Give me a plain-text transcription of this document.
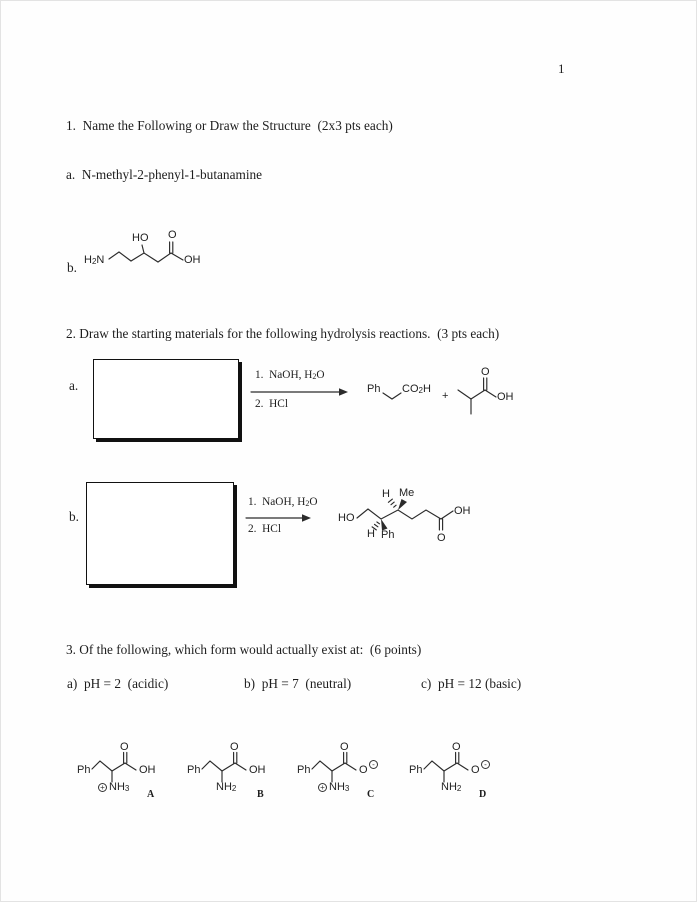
1
1.  Name the Following or Draw the Structure  (2x3 pts each)
a.  N-methyl-2-phenyl-1-butanamine
b. $H_2N$
HO O
OH
2. Draw the starting materials for the following hydrolysis reactions.  (3 pts each)
a.
1.  NaOH, $H_2O$
2.  HCl
Ph $CO_2H$
+
O
OH
b.
1.  NaOH, $H_2O$
2.  HCl
HO
H Me
H Ph
OH
O
3. Of the following, which form would actually exist at:  (6 points)
a)  pH = 2  (acidic)	b)  pH = 7  (neutral)	c)  pH = 12 (basic)
Ph
O
OH
+ $NH_3$
A
Ph
O
OH
$NH_2$
B
Ph
O
O -
+ $NH_3$
C
Ph
O
O -
$NH_2$
D
